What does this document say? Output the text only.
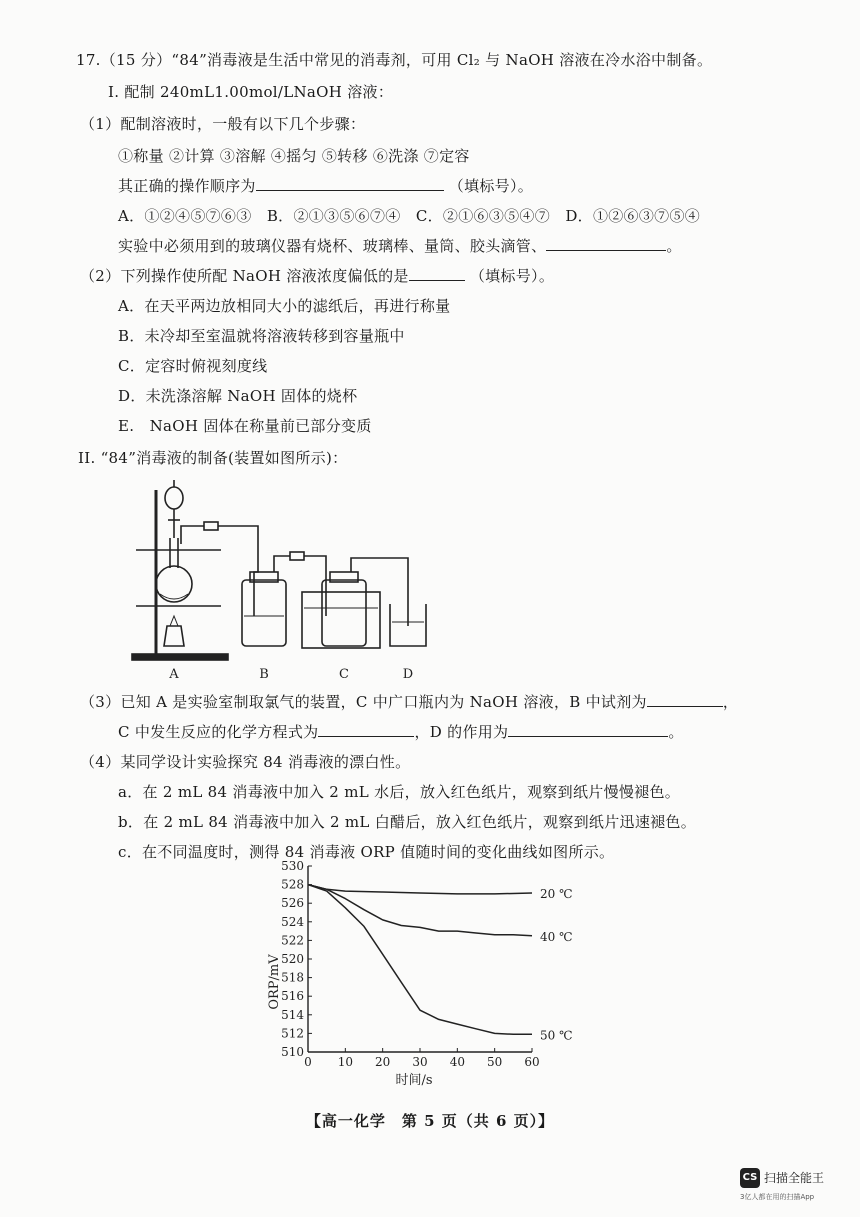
17.（15 分）“84”消毒液是生活中常见的消毒剂，可用 Cl₂ 与 NaOH 溶液在冷水浴中制备。
I. 配制 240mL1.00mol/LNaOH 溶液：
（1）配制溶液时，一般有以下几个步骤：
①称量 ②计算 ③溶解 ④摇匀 ⑤转移 ⑥洗涤 ⑦定容
其正确的操作顺序为	（填标号）。
A．①②④⑤⑦⑥③　B．②①③⑤⑥⑦④　C．②①⑥③⑤④⑦　D．①②⑥③⑦⑤④
实验中必须用到的玻璃仪器有烧杯、玻璃棒、量筒、胶头滴管、	。
（2）下列操作使所配 NaOH 溶液浓度偏低的是	（填标号）。
A．在天平两边放相同大小的滤纸后，再进行称量
B．未冷却至室温就将溶液转移到容量瓶中
C．定容时俯视刻度线
D．未洗涤溶解 NaOH 固体的烧杯
E.　NaOH 固体在称量前已部分变质
II. “84”消毒液的制备(装置如图所示)：
A	B	C	D
（3）已知 A 是实验室制取氯气的装置，C 中广口瓶内为 NaOH 溶液，B 中试剂为	，
C 中发生反应的化学方程式为	，D 的作用为	。
（4）某同学设计实验探究 84 消毒液的漂白性。
a．在 2 mL 84 消毒液中加入 2 mL 水后，放入红色纸片，观察到纸片慢慢褪色。
b．在 2 mL 84 消毒液中加入 2 mL 白醋后，放入红色纸片，观察到纸片迅速褪色。
c．在不同温度时，测得 84 消毒液 ORP 值随时间的变化曲线如图所示。
0 10 20 30 40 50 60
510
512
514
516
518
520
522
524
526
528
530
20 ℃
40 ℃
50 ℃
时间/s
ORP/mV
【高一化学　第 5 页（共 6 页）】
CS 扫描全能王
3亿人都在用的扫描App
